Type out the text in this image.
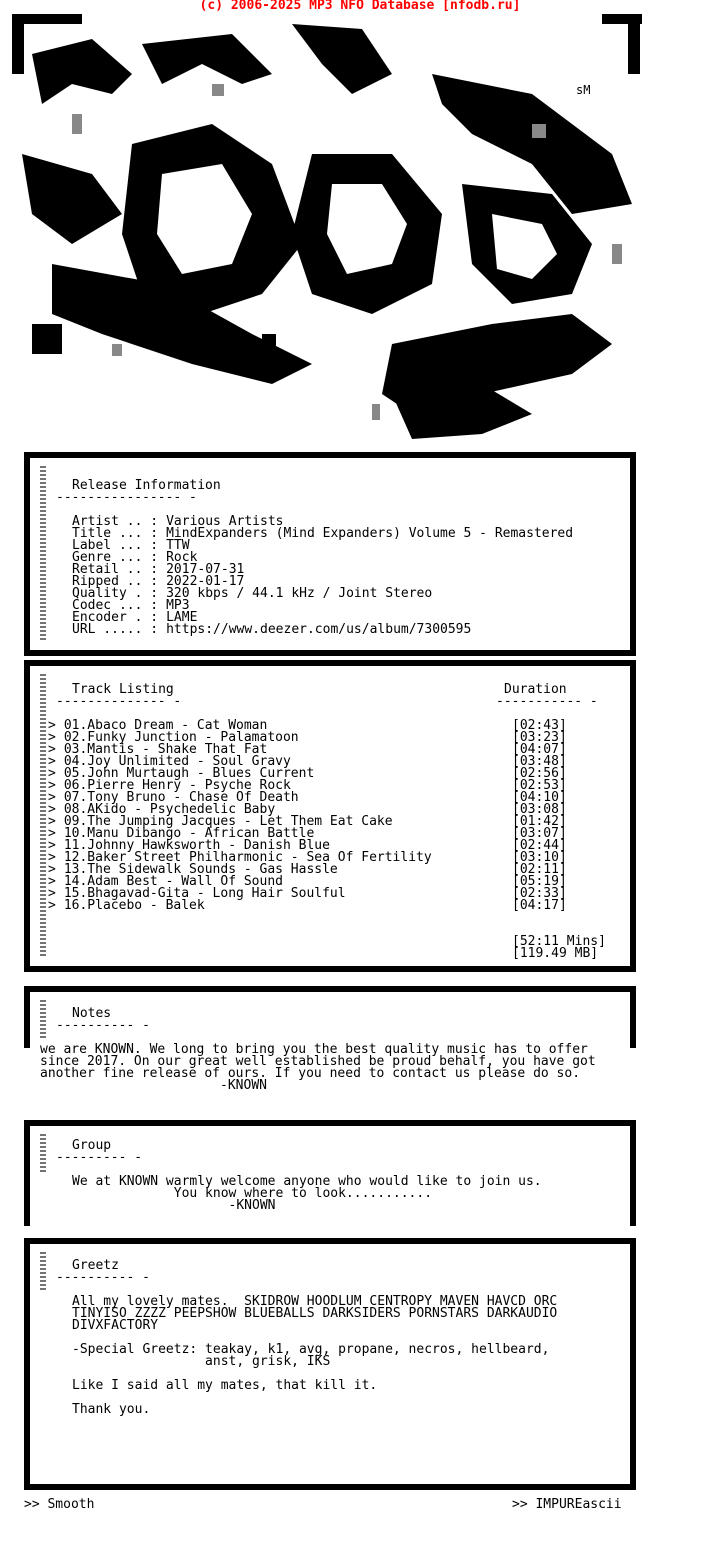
(c) 2006-2025 MP3 NFO Database [nfodb.ru]
sM
Release Information
---------------- -
Artist .. : Various Artists
Title ... : MindExpanders (Mind Expanders) Volume 5 - Remastered
Label ... : TTW
Genre ... : Rock
Retail .. : 2017-07-31
Ripped .. : 2022-01-17
Quality . : 320 kbps / 44.1 kHz / Joint Stereo
Codec ... : MP3
Encoder . : LAME
URL ..... : https://www.deezer.com/us/album/7300595
Track Listing
-------------- -
Duration
----------- -
> 01.Abaco Dream - Cat Woman	[02:43]
> 02.Funky Junction - Palamatoon	[03:23]
> 03.Mantis - Shake That Fat	[04:07]
> 04.Joy Unlimited - Soul Gravy	[03:48]
> 05.John Murtaugh - Blues Current	[02:56]
> 06.Pierre Henry - Psyche Rock	[02:53]
> 07.Tony Bruno - Chase Of Death	[04:10]
> 08.AKido - Psychedelic Baby	[03:08]
> 09.The Jumping Jacques - Let Them Eat Cake	[01:42]
> 10.Manu Dibango - African Battle	[03:07]
> 11.Johnny Hawksworth - Danish Blue	[02:44]
> 12.Baker Street Philharmonic - Sea Of Fertility	[03:10]
> 13.The Sidewalk Sounds - Gas Hassle	[02:11]
> 14.Adam Best - Wall Of Sound	[05:19]
> 15.Bhagavad-Gita - Long Hair Soulful	[02:33]
> 16.Placebo - Balek	[04:17]
[52:11 Mins]
[119.49 MB]
Notes
---------- -
we are KNOWN. We long to bring you the best quality music has to offer
since 2017. On our great well established be proud behalf, you have got
another fine release of ours. If you need to contact us please do so.
-KNOWN
Group
--------- -
We at KNOWN warmly welcome anyone who would like to join us.
You know where to look...........
-KNOWN
Greetz
---------- -
All my lovely mates.  SKIDROW HOODLUM CENTROPY MAVEN HAVCD ORC
TINYISO ZZZZ PEEPSHOW BLUEBALLS DARKSIDERS PORNSTARS DARKAUDIO
DIVXFACTORY
-Special Greetz: teakay, k1, avg, propane, necros, hellbeard,
anst, grisk, IKS
Like I said all my mates, that kill it.
Thank you.
>> Smooth	>> IMPUREascii
